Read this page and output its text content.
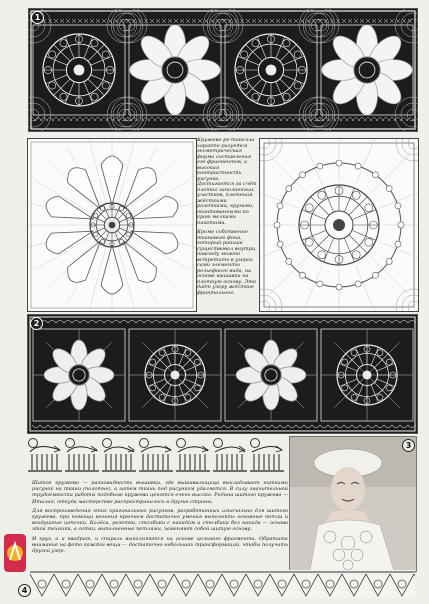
1

Кружево ре-тикелла характе-ризуется геометрическая форма составления его фрагментов, а высокая контрастность рисунка. Достигается за счёт плотно заполненных участков, плетения жёсткими розетками, кругами, окантованными по краю мелкими пикотами.

Кроме собственно тканевого фона, который раньше существовал внутри, повсюду можно встретить в узорах сами элементы рельефного вида, на основе вышивки на плотную основу. Это даёт узору жёсткое фронтальное.

2

Шитое кружево — разновидность вышивки, где вышивальщица выкладывает нитками рисунок на ткани (полотне), а затем ткань под рисунком удаляется. В силу значительной трудоёмкости работы подобные кружева ценятся очень высоко. Родина шитого кружева — Италия, откуда мастерство распространилось в другие страны.

Для воспроизведения этих оригинальных рисунков, разработанных изначально для шитого кружева, при помощи вязания крючком достаточно умения выполнять основные петли и воздушные цепочки. Колёса, розетки, столбики с накидом и столбики без накида — основа этой техники, а сетки, выполненные петлями, заменяют собой шитую основу.

И круг, а и квадрат, и спираль выполняются на основе цельного фрагмента. Обратите внимание на фото каждой вещи — достаточно небольших трансформаций, чтобы получить другой узор.

3
4
